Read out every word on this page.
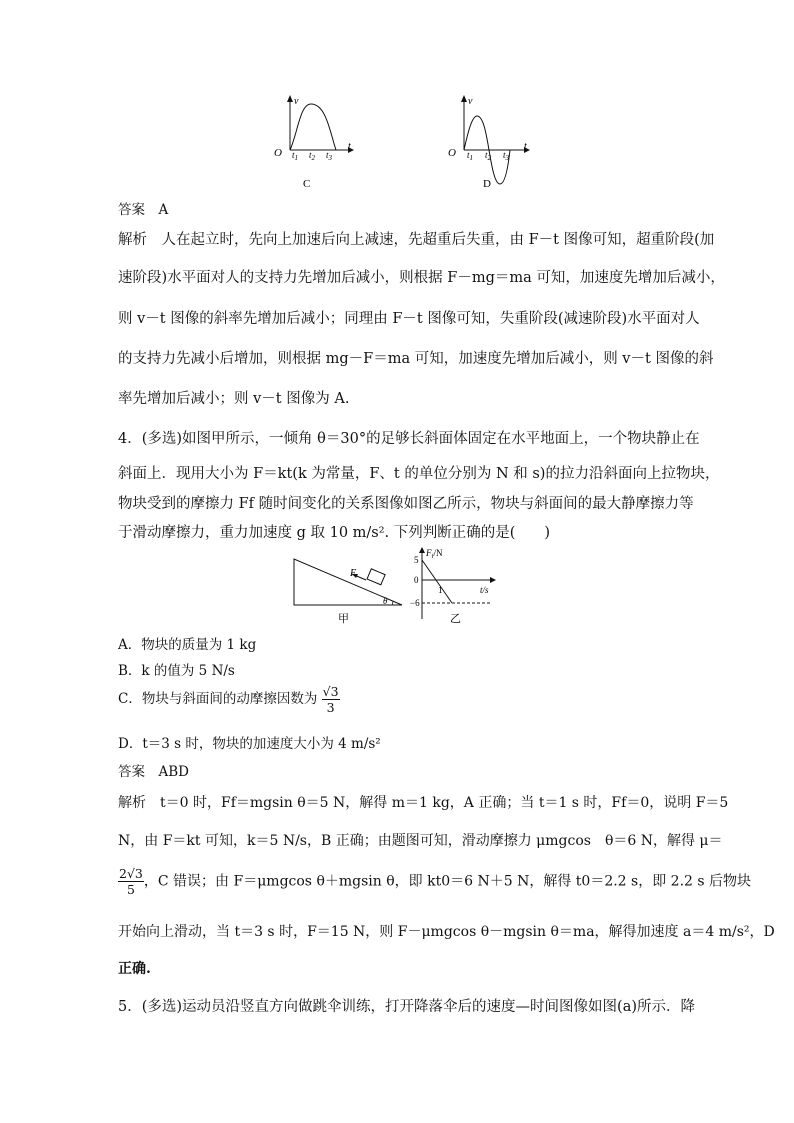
v
t
O $t_1$ $t_2$ $t_3$
C
v
t
O $t_1$ $t_2$ $t_3$
D
答案　A
解析　人在起立时，先向上加速后向上减速，先超重后失重，由 F－t 图像可知，超重阶段(加
速阶段)水平面对人的支持力先增加后减小，则根据 F－mg＝ma 可知，加速度先增加后减小，
则 v－t 图像的斜率先增加后减小；同理由 F－t 图像可知，失重阶段(减速阶段)水平面对人
的支持力先减小后增加，则根据 mg－F＝ma 可知，加速度先增加后减小，则 v－t 图像的斜
率先增加后减小；则 v－t 图像为 A.
4．(多选)如图甲所示，一倾角 θ＝30°的足够长斜面体固定在水平地面上，一个物块静止在
斜面上．现用大小为 F＝kt(k 为常量，F、t 的单位分别为 N 和 s)的拉力沿斜面向上拉物块，
物块受到的摩擦力 Ff 随时间变化的关系图像如图乙所示，物块与斜面间的最大静摩擦力等
于滑动摩擦力，重力加速度 g 取 10 m/s². 下列判断正确的是(　　)
F
θ
甲
$F_f/N$
Ff/N
t/s
5
0
−6
1
乙
A．物块的质量为 1 kg
B．k 的值为 5 N/s
C．物块与斜面间的动摩擦因数为 $\frac{√3}{3}$
D．t＝3 s 时，物块的加速度大小为 4 m/s²
答案　ABD
解析　t＝0 时，Ff＝mgsin θ＝5 N，解得 m＝1 kg，A 正确；当 t＝1 s 时，Ff＝0，说明 F＝5
N，由 F＝kt 可知，k＝5 N/s，B 正确；由题图可知，滑动摩擦力 μmgcos　θ＝6 N，解得 μ＝
$\frac{2√3}{5}$ ，C 错误；由 F＝μmgcos θ＋mgsin θ，即 kt0＝6 N＋5 N，解得 t0＝2.2 s，即 2.2 s 后物块
开始向上滑动，当 t＝3 s 时，F＝15 N，则 F－μmgcos θ－mgsin θ＝ma，解得加速度 a＝4 m/s²，D
正确.
5．(多选)运动员沿竖直方向做跳伞训练，打开降落伞后的速度—时间图像如图(a)所示．降
